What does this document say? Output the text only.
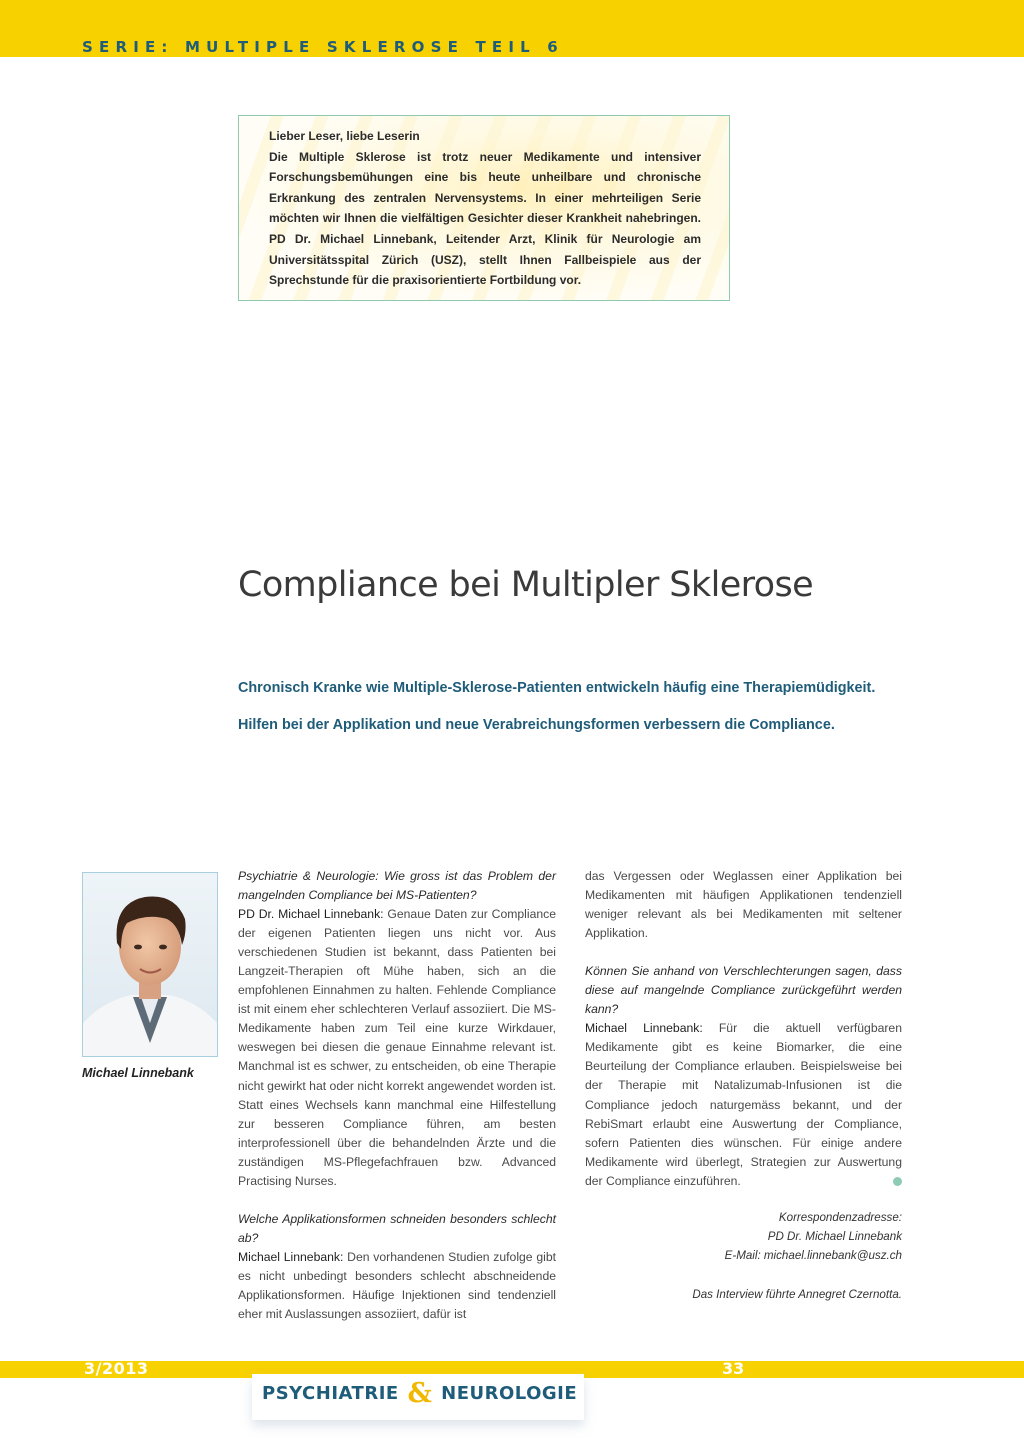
SERIE: MULTIPLE SKLEROSE TEIL 6

Lieber Leser, liebe Leserin

Die Multiple Sklerose ist trotz neuer Medikamente und intensiver Forschungsbemühungen eine bis heute unheilbare und chronische Erkrankung des zentralen Nervensystems. In einer mehrteiligen Serie möchten wir Ihnen die vielfältigen Gesichter dieser Krankheit nahebringen. PD Dr. Michael Linnebank, Leitender Arzt, Klinik für Neurologie am Universitätsspital Zürich (USZ), stellt Ihnen Fallbeispiele aus der Sprechstunde für die praxisorientierte Fortbildung vor.

Compliance bei Multipler Sklerose

Chronisch Kranke wie Multiple-Sklerose-Patienten entwickeln häufig eine Therapiemüdigkeit. Hilfen bei der Applikation und neue Verabreichungsformen verbessern die Compliance.

Michael Linnebank

Psychiatrie & Neurologie: Wie gross ist das Problem der mangelnden Compliance bei MS-Patienten?

PD Dr. Michael Linnebank: Genaue Daten zur Compliance der eigenen Patienten liegen uns nicht vor. Aus verschiedenen Studien ist bekannt, dass Patienten bei Langzeit-Therapien oft Mühe haben, sich an die empfohlenen Einnahmen zu halten. Fehlende Compliance ist mit einem eher schlechteren Verlauf assoziiert. Die MS-Medikamente haben zum Teil eine kurze Wirkdauer, weswegen bei diesen die genaue Einnahme relevant ist. Manchmal ist es schwer, zu entscheiden, ob eine Therapie nicht gewirkt hat oder nicht korrekt angewendet worden ist. Statt eines Wechsels kann manchmal eine Hilfestellung zur besseren Compliance führen, am besten interprofessionell über die behandelnden Ärzte und die zuständigen MS-Pflegefachfrauen bzw. Advanced Practising Nurses.

Welche Applikationsformen schneiden besonders schlecht ab?

Michael Linnebank: Den vorhandenen Studien zufolge gibt es nicht unbedingt besonders schlecht abschneidende Applikationsformen. Häufige Injektionen sind tendenziell eher mit Auslassungen assoziiert, dafür ist

das Vergessen oder Weglassen einer Applikation bei Medikamenten mit häufigen Applikationen tendenziell weniger relevant als bei Medikamenten mit seltener Applikation.

Können Sie anhand von Verschlechterungen sagen, dass diese auf mangelnde Compliance zurückgeführt werden kann?

Michael Linnebank: Für die aktuell verfügbaren Medikamente gibt es keine Biomarker, die eine Beurteilung der Compliance erlauben. Beispielsweise bei der Therapie mit Natalizumab-Infusionen ist die Compliance jedoch naturgemäss bekannt, und der RebiSmart erlaubt eine Auswertung der Compliance, sofern Patienten dies wünschen. Für einige andere Medikamente wird überlegt, Strategien zur Auswertung der Compliance einzuführen.

Korrespondenzadresse:

PD Dr. Michael Linnebank

E-Mail: michael.linnebank@usz.ch

Das Interview führte Annegret Czernotta.

3/2013	33
PSYCHIATRIE & NEUROLOGIE
